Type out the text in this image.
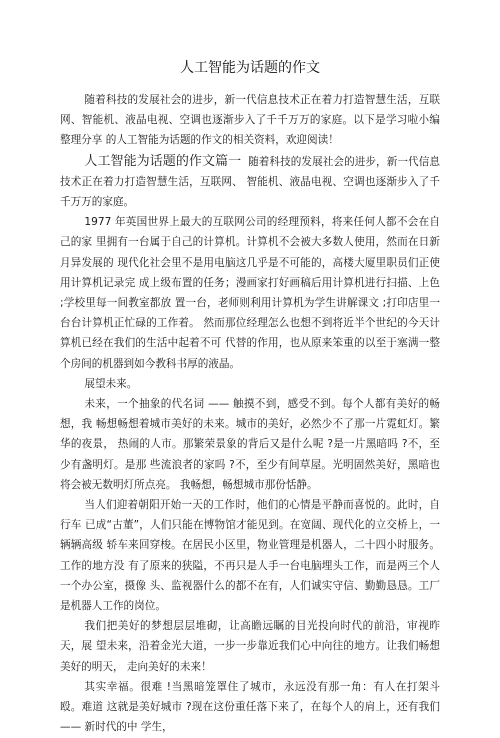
人工智能为话题的作文

随着科技的发展社会的进步，新一代信息技术正在着力打造智慧生活，互联网、智能机、液晶电视、空调也逐渐步入了千千万万的家庭。以下是学习啦小编整理分享 的人工智能为话题的作文的相关资料，欢迎阅读！

人工智能为话题的作文篇一 随着科技的发展社会的进步，新一代信息技术正在着力打造智慧生活，互联网、 智能机、液晶电视、空调也逐渐步入了千千万万的家庭。

1977 年英国世界上最大的互联网公司的经理预料，将来任何人都不会在自己的家 里拥有一台属于自己的计算机。计算机不会被大多数人使用，然而在日新月异发展的 现代化社会里不是用电脑这几乎是不可能的，高楼大厦里职员们正使用计算机记录完 成上级布置的任务；漫画家打好画稿后用计算机进行扫描、上色 ;学校里每一间教室都放 置一台，老师则利用计算机为学生讲解课文 ;打印店里一台台计算机正忙碌的工作着。 然而那位经理怎么也想不到将近半个世纪的今天计算机已经在我们的生活中起着不可 代替的作用，也从原来笨重的以至于塞满一整个房间的机器到如今教科书厚的液晶。

展望未来。

未来，一个抽象的代名词 —— 触摸不到，感受不到。每个人都有美好的畅想，我 畅想畅想着城市美好的未来。城市的美好，必然少不了那一片霓虹灯。繁华的夜景， 热闹的人市。那繁荣景象的背后又是什么呢 ?是一片黑暗吗 ?不，至少有盏明灯。是那 些流浪者的家吗 ?不，至少有间草屋。光明固然美好，黑暗也将会被无数明灯所点亮。 我畅想，畅想城市那份恬静。

当人们迎着朝阳开始一天的工作时，他们的心情是平静而喜悦的。此时，自行车 已成“古董”，人们只能在博物馆才能见到。在宽阔、现代化的立交桥上，一辆辆高级 轿车来回穿梭。在居民小区里，物业管理是机器人，二十四小时服务。工作的地方没 有了原来的狭隘，不再只是人手一台电脑埋头工作，而是两三个人一个办公室，摄像 头、监视器什么的都不在有，人们诚实守信、勤勤恳恳。工厂是机器人工作的岗位。

我们把美好的梦想层层堆砌，让高瞻远瞩的目光投向时代的前沿，审视昨天，展 望未来，沿着金光大道，一步一步靠近我们心中向往的地方。让我们畅想美好的明天， 走向美好的未来！

其实幸福。很难 !当黑暗笼罩住了城市，永远没有那一角：有人在打架斗殴。难道 这就是美好城市 ?现在这份重任落下来了，在每个人的肩上，还有我们 —— 新时代的中 学生，
